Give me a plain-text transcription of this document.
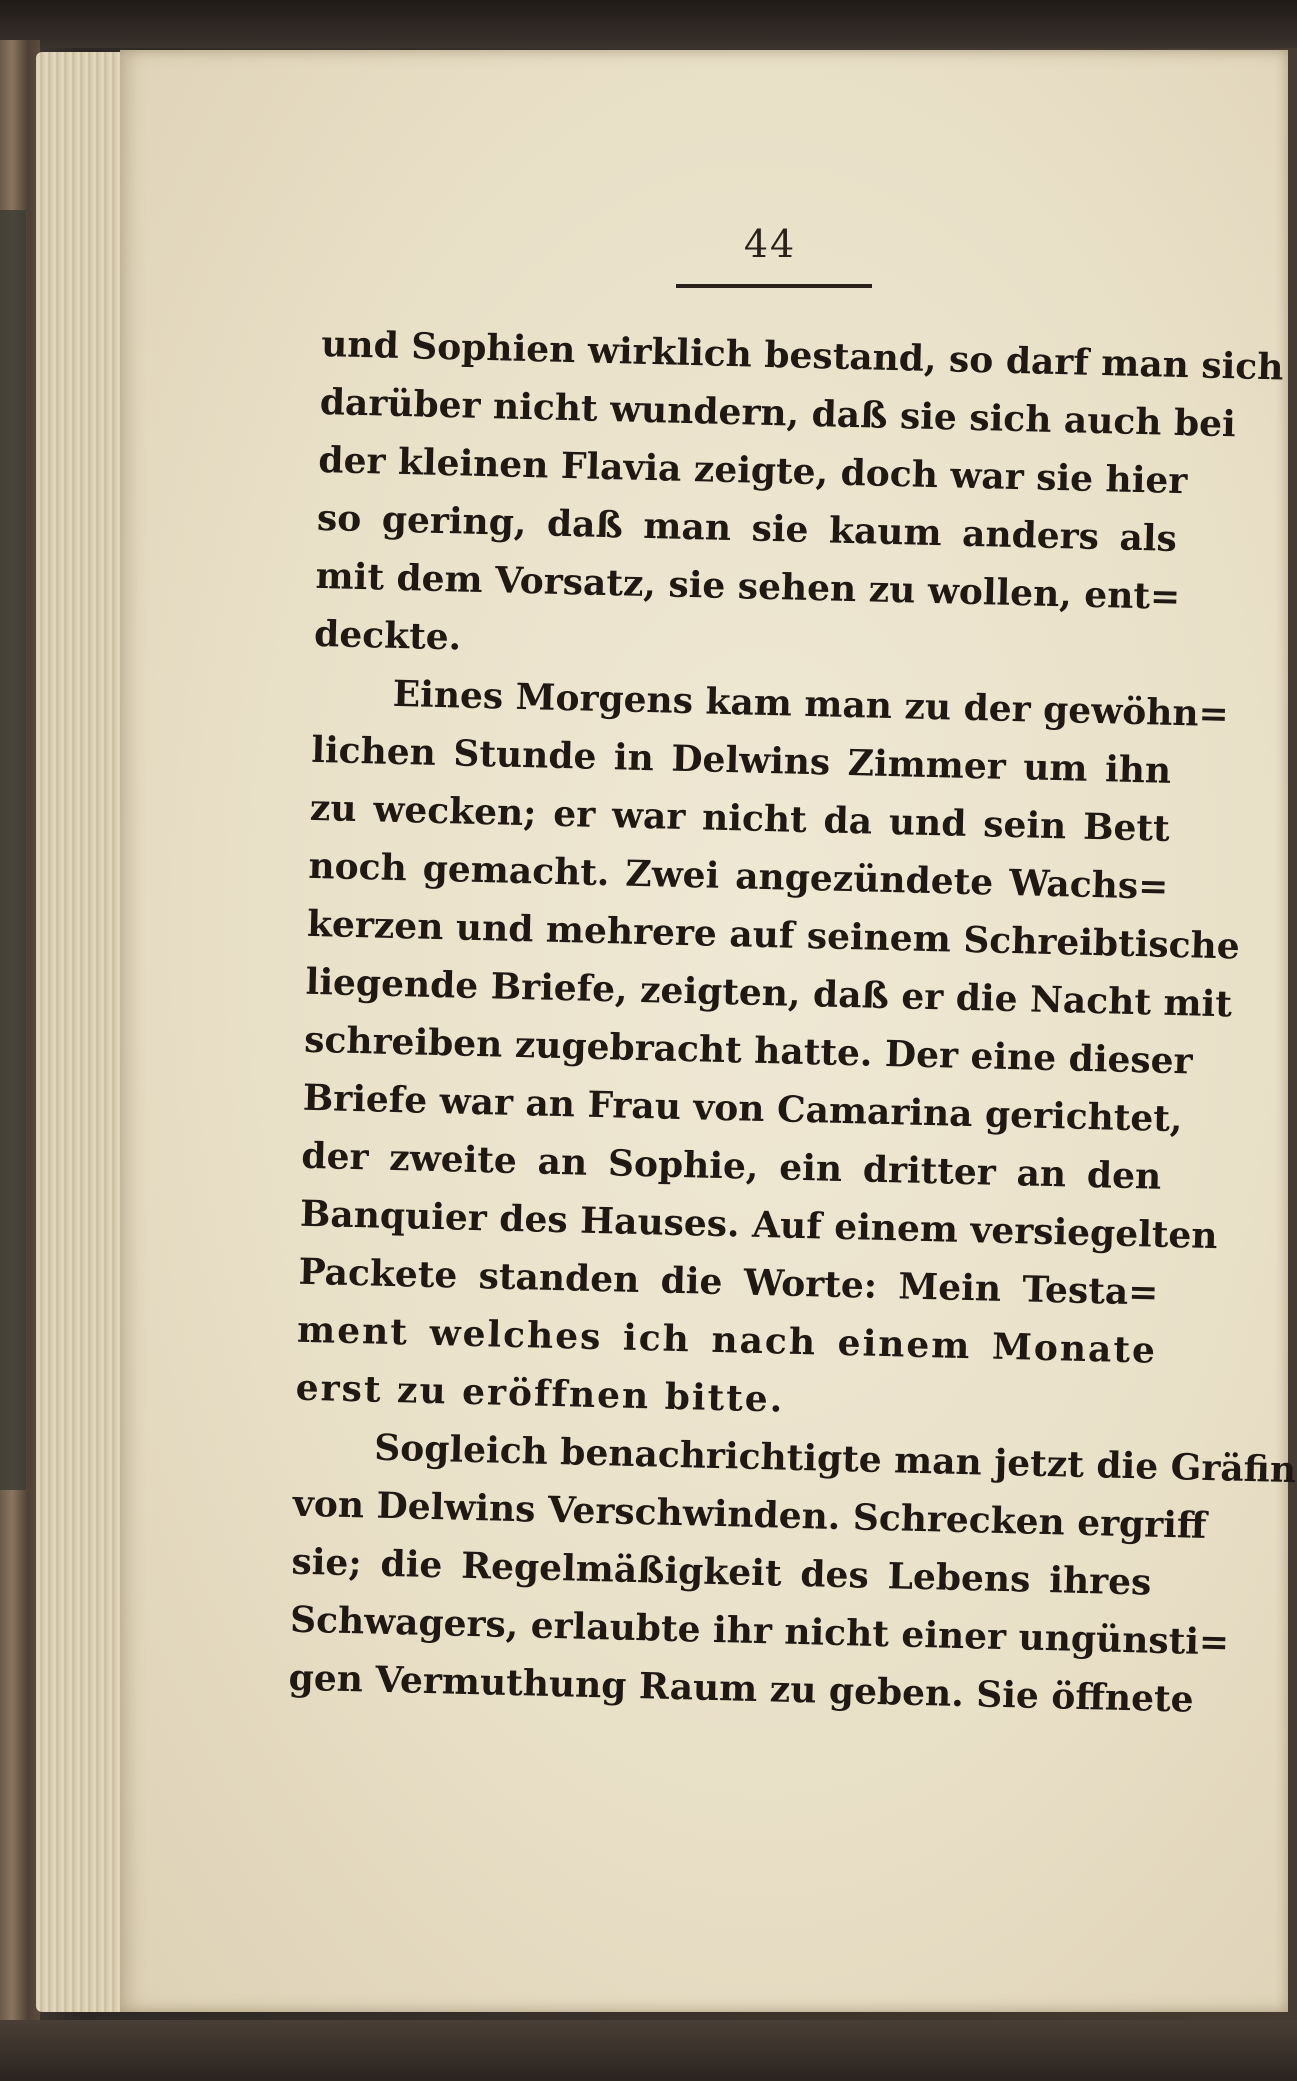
44
und Sophien wirklich bestand, so darf man sich
darüber nicht wundern, daß sie sich auch bei
der kleinen Flavia zeigte, doch war sie hier
so gering, daß man sie kaum anders als
mit dem Vorsatz, sie sehen zu wollen, ent=
deckte.
Eines Morgens kam man zu der gewöhn=
lichen Stunde in Delwins Zimmer um ihn
zu wecken; er war nicht da und sein Bett
noch gemacht. Zwei angezündete Wachs=
kerzen und mehrere auf seinem Schreibtische
liegende Briefe, zeigten, daß er die Nacht mit
schreiben zugebracht hatte. Der eine dieser
Briefe war an Frau von Camarina gerichtet,
der zweite an Sophie, ein dritter an den
Banquier des Hauses. Auf einem versiegelten
Packete standen die Worte: Mein Testa=
ment welches ich nach einem Monate
erst zu eröffnen bitte.
Sogleich benachrichtigte man jetzt die Gräfin
von Delwins Verschwinden. Schrecken ergriff
sie; die Regelmäßigkeit des Lebens ihres
Schwagers, erlaubte ihr nicht einer ungünsti=
gen Vermuthung Raum zu geben. Sie öffnete
